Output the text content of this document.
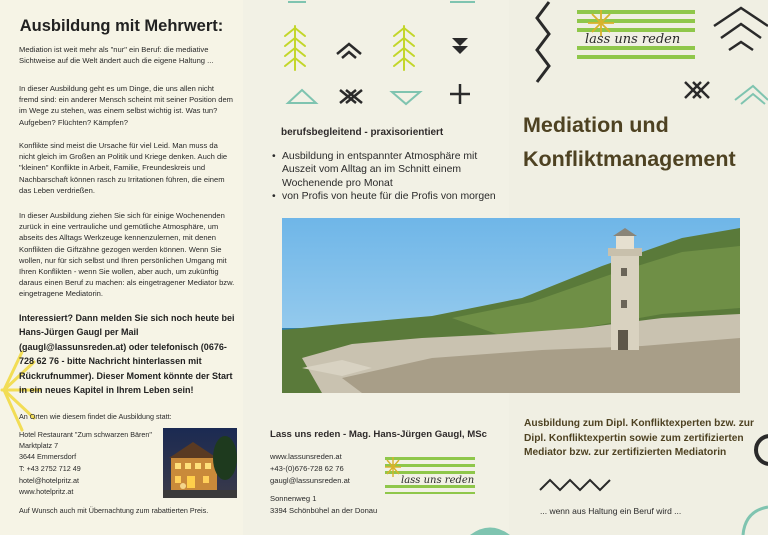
Ausbildung mit Mehrwert:
Mediation ist weit mehr als "nur" ein Beruf: die mediative Sichtweise auf die Welt ändert auch die eigene Haltung ...
In dieser Ausbildung geht es um Dinge, die uns allen nicht fremd sind: ein anderer Mensch scheint mit seiner Position dem im Wege zu stehen, was einem selbst wichtig ist. Was tun? Aufgeben? Flüchten? Kämpfen?
Konflikte sind meist die Ursache für viel Leid. Man muss da nicht gleich im Großen an Politik und Kriege denken. Auch die "kleinen" Konflikte in Arbeit, Familie, Freundeskreis und Nachbarschaft können rasch zu Irritationen führen, die einem das Leben verdrießen.
In dieser Ausbildung ziehen Sie sich für einige Wochenenden zurück in eine vertrauliche und gemütliche Atmosphäre, um abseits des Alltags Werkzeuge kennenzulernen, mit denen Konflikten die Giftzähne gezogen werden können. Wenn Sie wollen, nur für sich selbst und Ihren persönlichen Umgang mit Ihren Konflikten - wenn Sie wollen, aber auch, um zukünftig daraus einen Beruf zu machen: als eingetragener Mediator bzw. eingetragene Mediatorin.
Interessiert? Dann melden Sie sich noch heute bei Hans-Jürgen Gaugl per Mail (gaugl@lassunsreden.at) oder telefonisch (0676-728 62 76 - bitte Nachricht hinterlassen mit Rückrufnummer). Dieser Moment könnte der Start in ein neues Kapitel in Ihrem Leben sein!
An Orten wie diesem findet die Ausbildung statt:
Hotel Restaurant "Zum schwarzen Bären"
Marktplatz 7
3644 Emmersdorf
T: +43 2752 712 49
hotel@hotelpritz.at
www.hotelpritz.at
Auf Wunsch auch mit Übernachtung zum rabattierten Preis.
berufsbegleitend - praxisorientiert
• Ausbildung in entspannter Atmosphäre mit Auszeit vom Alltag an im Schnitt einem Wochenende pro Monat
• von Profis von heute für die Profis von morgen
Lass uns reden - Mag. Hans-Jürgen Gaugl, MSc
www.lassunsreden.at
+43-(0)676-728 62 76
gaugl@lassunsreden.at
Sonnenweg 1
3394 Schönbühel an der Donau
lass uns reden
lass uns reden
Mediation und
Konfliktmanagement
Ausbildung zum Dipl. Konfliktexperten bzw. zur Dipl. Konfliktexpertin sowie zum zertifizierten Mediator bzw. zur zertifizierten Mediatorin
... wenn aus Haltung ein Beruf wird ...
